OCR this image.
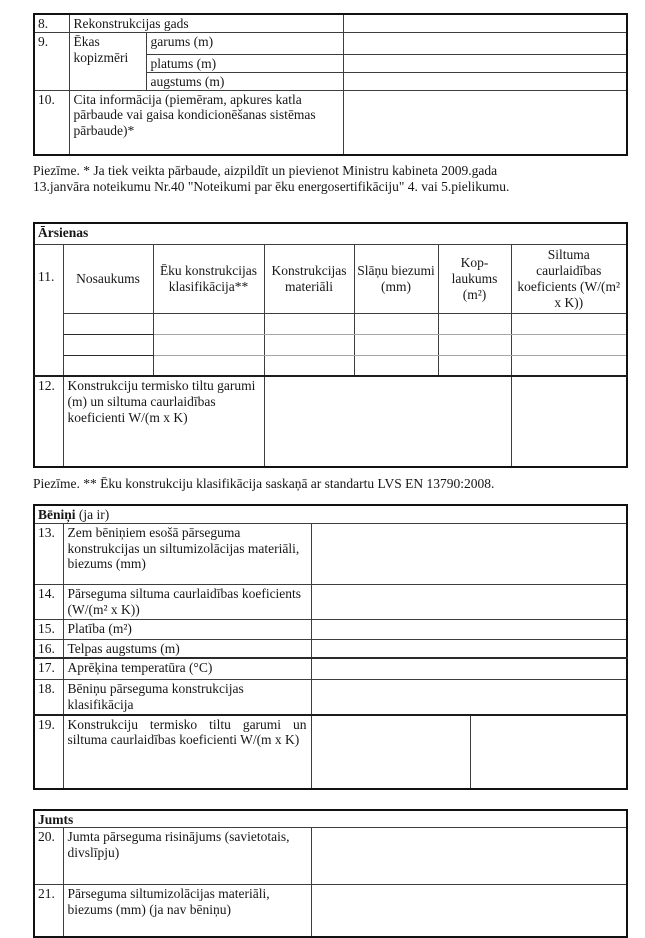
8.	Rekonstrukcijas gads		
9.	Ēkas kopizmēri	garums (m)	
		platums (m)	
		augstums (m)	
10.	Cita informācija (piemēram, apkures katla pārbaude vai gaisa kondicionēšanas sistēmas pārbaude)*		
Piezīme. * Ja tiek veikta pārbaude, aizpildīt un pievienot Ministru kabineta 2009.gada
13.janvāra noteikumu Nr.40 "Noteikumi par ēku energosertifikāciju" 4. vai 5.pielikumu.
Ārsienas						
11.	Nosaukums	Ēku konstrukcijas klasifikācija**	Konstrukcijas materiāli	Slāņu biezumi (mm)	Kop-laukums (m²)	Siltuma caurlaidības koeficients (W/(m² x K))

12.	Konstrukciju termisko tiltu garumi (m) un siltuma caurlaidības koeficienti W/(m x K)					
Piezīme. ** Ēku konstrukciju klasifikācija saskaņā ar standartu LVS EN 13790:2008.
Bēniņi (ja ir)			
13.	Zem bēniņiem esošā pārseguma konstrukcijas un siltumizolācijas materiāli, biezums (mm)		
14.	Pārseguma siltuma caurlaidības koeficients (W/(m² x K))		
15.	Platība (m²)		
16.	Telpas augstums (m)		
17.	Aprēķina temperatūra (°C)		
18.	Bēniņu pārseguma konstrukcijas klasifikācija		
19.	Konstrukciju termisko tiltu garumi un siltuma caurlaidības koeficienti W/(m x K)		
Jumts		
20.	Jumta pārseguma risinājums (savietotais, divslīpju)	
21.	Pārseguma siltumizolācijas materiāli, biezums (mm) (ja nav bēniņu)	
